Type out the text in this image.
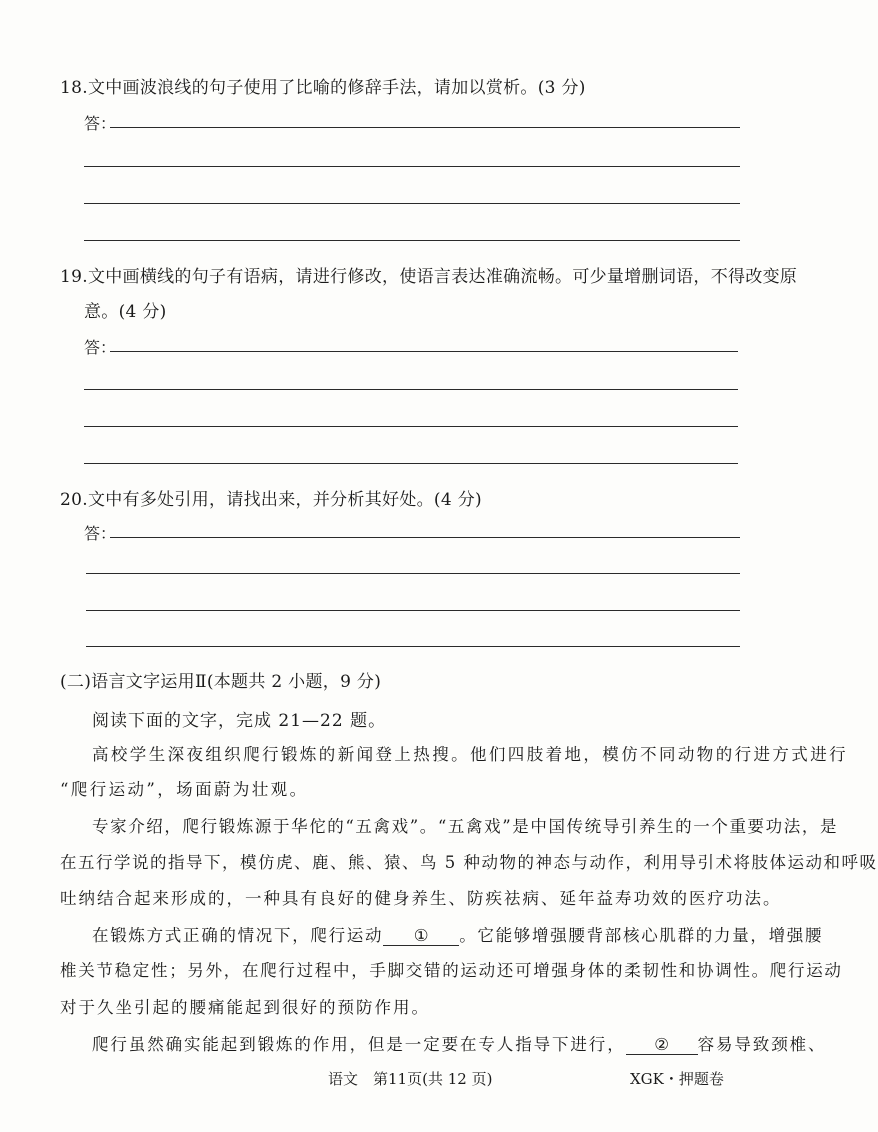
18.文中画波浪线的句子使用了比喻的修辞手法，请加以赏析。(3 分)
答：
19.文中画横线的句子有语病，请进行修改，使语言表达准确流畅。可少量增删词语，不得改变原
意。(4 分)
答：
20.文中有多处引用，请找出来，并分析其好处。(4 分)
答：
(二)语言文字运用Ⅱ(本题共 2 小题，9 分)
阅读下面的文字，完成 21—22 题。
高校学生深夜组织爬行锻炼的新闻登上热搜。他们四肢着地，模仿不同动物的行进方式进行
“爬行运动”，场面蔚为壮观。
专家介绍，爬行锻炼源于华佗的“五禽戏”。“五禽戏”是中国传统导引养生的一个重要功法，是
在五行学说的指导下，模仿虎、鹿、熊、猿、鸟 5 种动物的神态与动作，利用导引术将肢体运动和呼吸
吐纳结合起来形成的，一种具有良好的健身养生、防疾祛病、延年益寿功效的医疗功法。
在锻炼方式正确的情况下，爬行运动 ① 。它能够增强腰背部核心肌群的力量，增强腰
椎关节稳定性；另外，在爬行过程中，手脚交错的运动还可增强身体的柔韧性和协调性。爬行运动
对于久坐引起的腰痛能起到很好的预防作用。
爬行虽然确实能起到锻炼的作用，但是一定要在专人指导下进行， ② 容易导致颈椎、
语文　第11页(共 12 页)	XGK・押题卷
